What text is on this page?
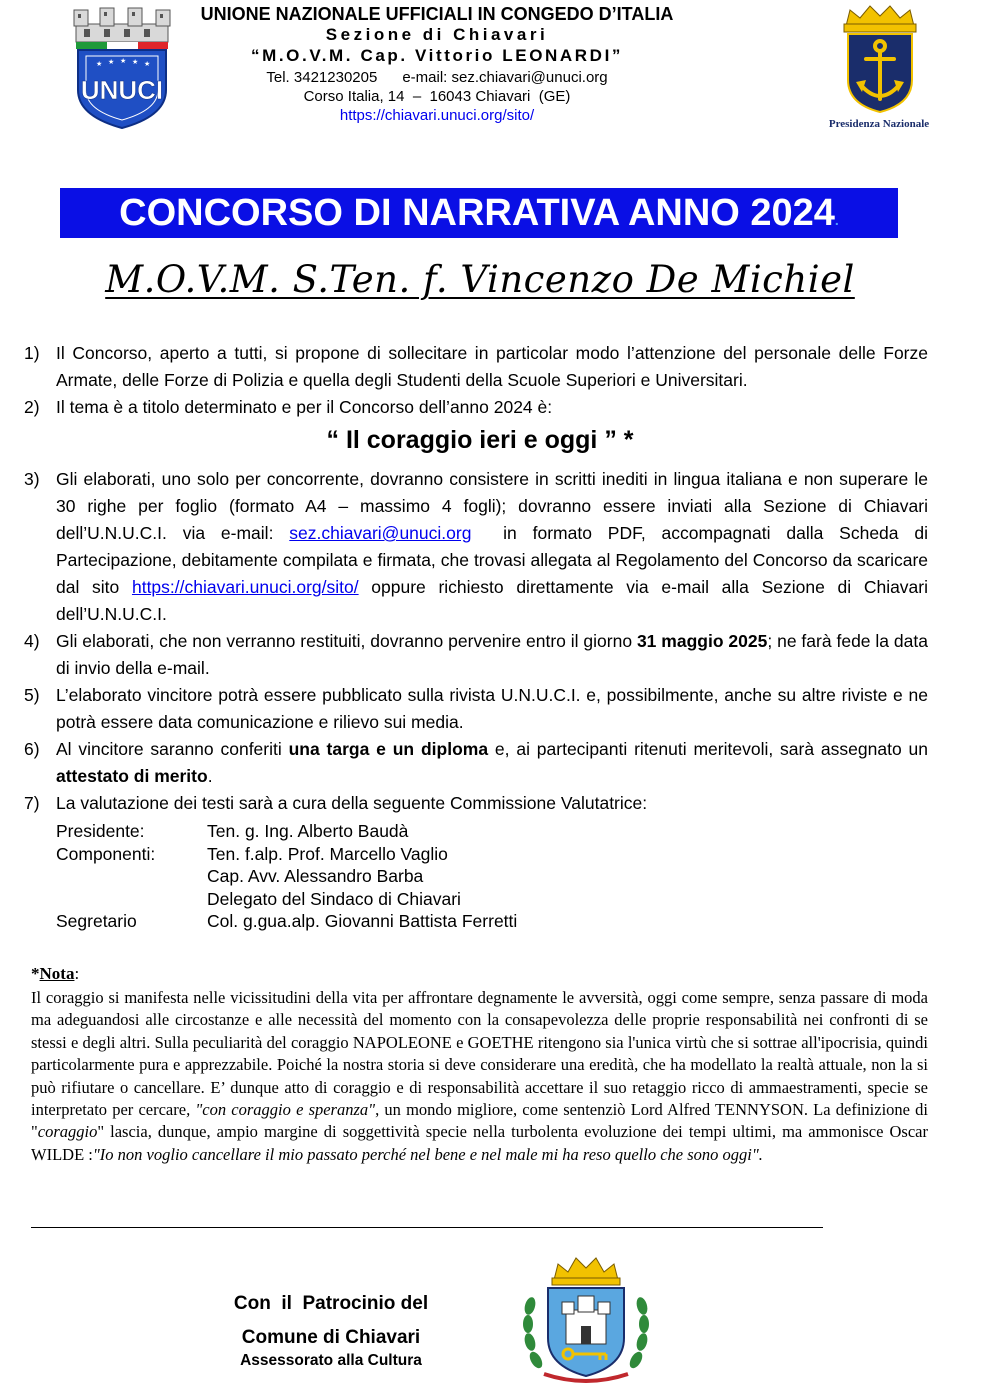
★ ★ ★ ★ ★
UNUCI
UNIONE NAZIONALE UFFICIALI IN CONGEDO D’ITALIA
Sezione di Chiavari
“M.O.V.M. Cap. Vittorio LEONARDI”
Tel. 3421230205      e-mail: sez.chiavari@unuci.org
Corso Italia, 14  –  16043 Chiavari  (GE)
https://chiavari.unuci.org/sito/	Presidenza Nazionale
CONCORSO DI NARRATIVA ANNO 2024.
M.O.V.M. S.Ten. f. Vincenzo De Michiel
1) Il Concorso, aperto a tutti, si propone di sollecitare in particolar modo l’attenzione del personale delle Forze Armate, delle Forze di Polizia e quella degli Studenti della Scuole Superiori e Universitari.
2) Il tema è a titolo determinato e per il Concorso dell’anno 2024 è:
“ Il coraggio ieri e oggi ” *
3) Gli elaborati, uno solo per concorrente, dovranno consistere in scritti inediti in lingua italiana e non superare le 30 righe per foglio (formato A4 – massimo 4 fogli); dovranno essere inviati alla Sezione di Chiavari dell’U.N.U.C.I. via e-mail: sez.chiavari@unuci.org  in formato PDF, accompagnati dalla Scheda di Partecipazione, debitamente compilata e firmata, che trovasi allegata al Regolamento del Concorso da scaricare dal sito https://chiavari.unuci.org/sito/ oppure richiesto direttamente via e-mail alla Sezione di Chiavari dell’U.N.U.C.I.
4) Gli elaborati, che non verranno restituiti, dovranno pervenire entro il giorno 31 maggio 2025; ne farà fede la data di invio della e-mail.
5) L’elaborato vincitore potrà essere pubblicato sulla rivista U.N.U.C.I. e, possibilmente, anche su altre riviste e ne potrà essere data comunicazione e rilievo sui media.
6) Al vincitore saranno conferiti una targa e un diploma e, ai partecipanti ritenuti meritevoli, sarà assegnato un attestato di merito.
7) La valutazione dei testi sarà a cura della seguente Commissione Valutatrice:
Presidente:	Ten. g. Ing. Alberto Baudà
Componenti:	Ten. f.alp. Prof. Marcello Vaglio
Cap. Avv. Alessandro Barba
Delegato del Sindaco di Chiavari
Segretario	Col. g.gua.alp. Giovanni Battista Ferretti
*Nota:
Il coraggio si manifesta nelle vicissitudini della vita per affrontare degnamente le avversità, oggi come sempre, senza passare di moda ma adeguandosi alle circostanze e alle necessità del momento con la consapevolezza delle proprie responsabilità nei confronti di se stessi e degli altri. Sulla peculiarità del coraggio NAPOLEONE e GOETHE ritengono sia l'unica virtù che si sottrae all'ipocrisia, quindi particolarmente pura e apprezzabile. Poiché la nostra storia si deve considerare una eredità, che ha modellato la realtà attuale, non la si può rifiutare o cancellare. E’ dunque atto di coraggio e di responsabilità accettare il suo retaggio ricco di ammaestramenti, specie se interpretato per cercare, "con coraggio e speranza", un mondo migliore, come sentenziò Lord Alfred TENNYSON. La definizione di "coraggio" lascia, dunque, ampio margine di soggettività specie nella turbolenta evoluzione dei tempi ultimi, ma ammonisce Oscar WILDE :"Io non voglio cancellare il mio passato perché nel bene e nel male mi ha reso quello che sono oggi".
Con  il  Patrocinio del
Comune di Chiavari
Assessorato alla Cultura
